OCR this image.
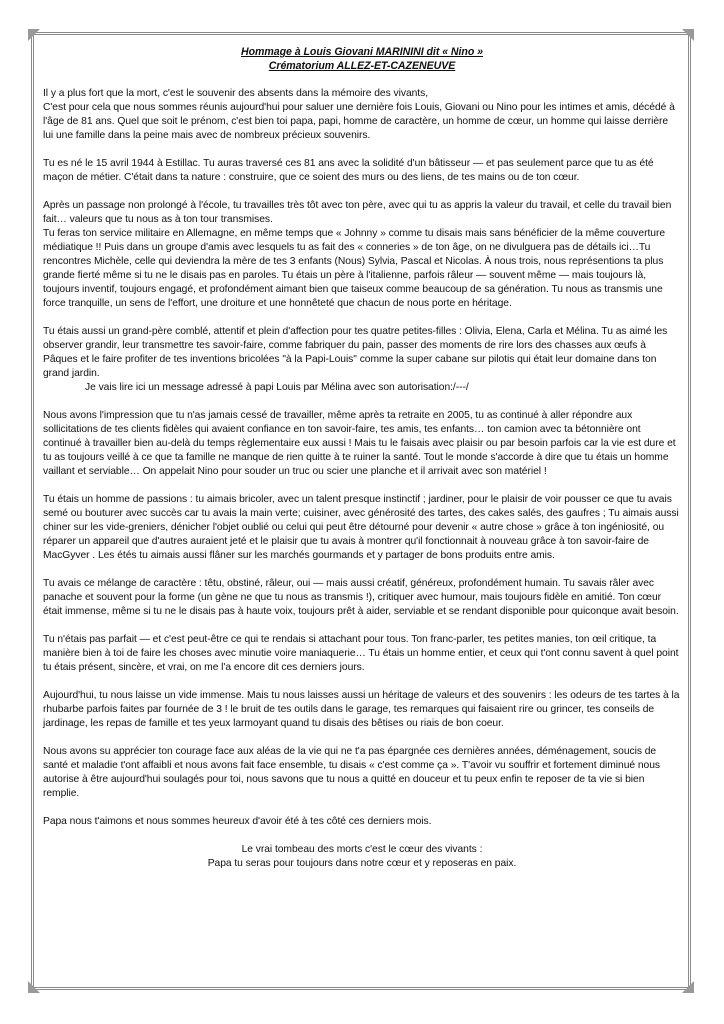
Hommage à Louis Giovani MARININI dit « Nino »

Crématorium ALLEZ-ET-CAZENEUVE

Il y a plus fort que la mort, c'est le souvenir des absents dans la mémoire des vivants,

C'est pour cela que nous sommes réunis aujourd'hui pour saluer une dernière fois Louis, Giovani ou Nino pour les intimes et amis, décédé à l'âge de 81 ans. Quel que soit le prénom, c'est bien toi papa, papi, homme de caractère, un homme de cœur, un homme qui laisse derrière lui une famille dans la peine mais avec de nombreux précieux souvenirs.

Tu es né le 15 avril 1944 à Estillac. Tu auras traversé ces 81 ans avec la solidité d'un bâtisseur — et pas seulement parce que tu as été maçon de métier. C'était dans ta nature : construire, que ce soient des murs ou des liens, de tes mains ou de ton cœur.

Après un passage non prolongé à l'école, tu travailles très tôt avec ton père, avec qui tu as appris la valeur du travail, et celle du travail bien fait… valeurs que tu nous as à ton tour transmises.

Tu feras ton service militaire en Allemagne, en même temps que « Johnny » comme tu disais mais sans bénéficier de la même couverture médiatique !! Puis dans un groupe d'amis avec lesquels tu as fait des « conneries » de ton âge, on ne divulguera pas de détails ici…Tu rencontres Michèle, celle qui deviendra la mère de tes 3 enfants (Nous) Sylvia, Pascal et Nicolas. À nous trois, nous représentions ta plus grande fierté même si tu ne le disais pas en paroles. Tu étais un père à l'italienne, parfois râleur — souvent même — mais toujours là, toujours inventif, toujours engagé, et profondément aimant bien que taiseux comme beaucoup de sa génération. Tu nous as transmis une force tranquille, un sens de l'effort, une droiture et une honnêteté que chacun de nous porte en héritage.

Tu étais aussi un grand-père comblé, attentif et plein d'affection pour tes quatre petites-filles : Olivia, Elena, Carla et Mélina. Tu as aimé les observer grandir, leur transmettre tes savoir-faire, comme fabriquer du pain, passer des moments de rire lors des chasses aux œufs à Pâques et le faire profiter de tes inventions bricolées "à la Papi-Louis" comme la super cabane sur pilotis qui était leur domaine dans ton grand jardin.

Je vais lire ici un message adressé à papi Louis par Mélina avec son autorisation:/---/

Nous avons l'impression que tu n'as jamais cessé de travailler, même après ta retraite en 2005, tu as continué à aller répondre aux sollicitations de tes clients fidèles qui avaient confiance en ton savoir-faire, tes amis, tes enfants… ton camion avec ta bétonnière ont continué à travailler bien au-delà du temps règlementaire eux aussi ! Mais tu le faisais avec plaisir ou par besoin parfois car la vie est dure et tu as toujours veillé à ce que ta famille ne manque de rien quitte à te ruiner la santé. Tout le monde s'accorde à dire que tu étais un homme vaillant et serviable… On appelait Nino pour souder un truc ou scier une planche et il arrivait avec son matériel !

Tu étais un homme de passions : tu aimais bricoler, avec un talent presque instinctif ; jardiner, pour le plaisir de voir pousser ce que tu avais semé ou bouturer avec succès car tu avais la main verte; cuisiner, avec générosité des tartes, des cakes salés, des gaufres ; Tu aimais aussi chiner sur les vide-greniers, dénicher l'objet oublié ou celui qui peut être détourné pour devenir « autre chose » grâce à ton ingéniosité, ou réparer un appareil que d'autres auraient jeté et le plaisir que tu avais à montrer qu'il fonctionnait à nouveau grâce à ton savoir-faire de MacGyver . Les étés tu aimais aussi flâner sur les marchés gourmands et y partager de bons produits entre amis.

Tu avais ce mélange de caractère : têtu, obstiné, râleur, oui — mais aussi créatif, généreux, profondément humain. Tu savais râler avec panache et souvent pour la forme (un gène ne que tu nous as transmis !), critiquer avec humour, mais toujours fidèle en amitié. Ton cœur était immense, même si tu ne le disais pas à haute voix, toujours prêt à aider, serviable et se rendant disponible pour quiconque avait besoin.

Tu n'étais pas parfait — et c'est peut-être ce qui te rendais si attachant pour tous. Ton franc-parler, tes petites manies, ton œil critique, ta manière bien à toi de faire les choses avec minutie voire maniaquerie… Tu étais un homme entier, et ceux qui t'ont connu savent à quel point tu étais présent, sincère, et vrai, on me l'a encore dit ces derniers jours.

Aujourd'hui, tu nous laisse un vide immense. Mais tu nous laisses aussi un héritage de valeurs et des souvenirs : les odeurs de tes tartes à la rhubarbe parfois faites par fournée de 3 ! le bruit de tes outils dans le garage, tes remarques qui faisaient rire ou grincer, tes conseils de jardinage, les repas de famille et tes yeux larmoyant quand tu disais des bêtises ou riais de bon coeur.

Nous avons su apprécier ton courage face aux aléas de la vie qui ne t'a pas épargnée ces dernières années, déménagement, soucis de santé et maladie t'ont affaibli et nous avons fait face ensemble, tu disais « c'est comme ça ». T'avoir vu souffrir et fortement diminué nous autorise à être aujourd'hui soulagés pour toi, nous savons que tu nous a quitté en douceur et tu peux enfin te reposer de ta vie si bien remplie.

Papa nous t'aimons et nous sommes heureux d'avoir été à tes côté ces derniers mois.

Le vrai tombeau des morts c'est le cœur des vivants :

Papa tu seras pour toujours dans notre cœur et y reposeras en paix.
